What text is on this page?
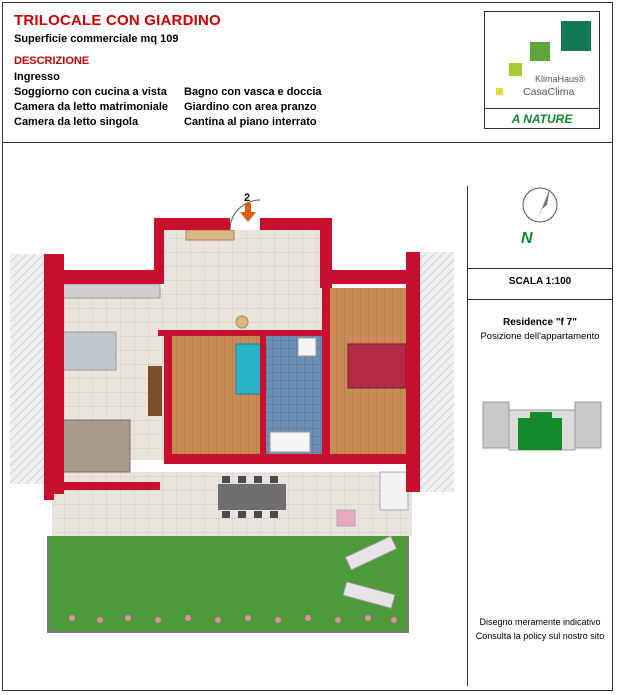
TRILOCALE CON GIARDINO
Superficie commerciale mq 109
DESCRIZIONE
Ingresso
Soggiorno con cucina a vista
Camera da letto matrimoniale
Camera da letto singola
Bagno con vasca e doccia
Giardino con area pranzo
Cantina al piano interrato
KlimaHaus®
CasaClima
A NATURE
N
SCALA 1:100
Residence "f 7"
Posizione dell'appartamento
Disegno meramente indicativo
Consulta la policy sul nostro sito
2
